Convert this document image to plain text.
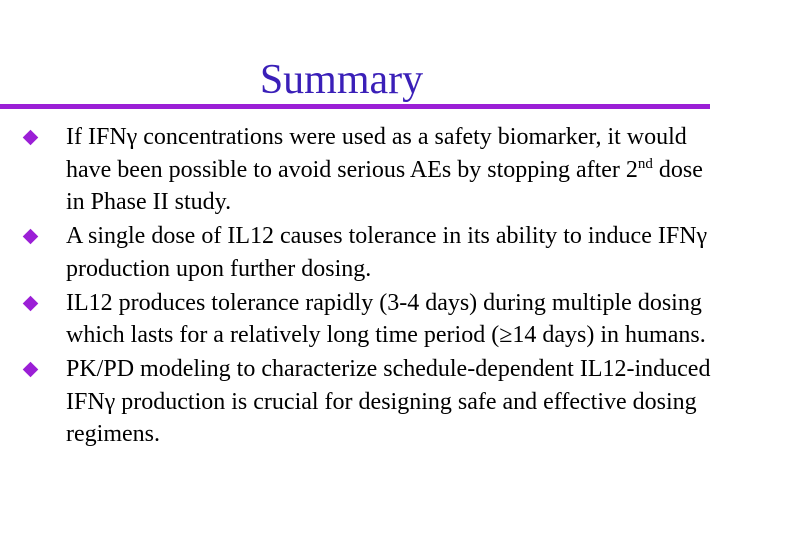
Summary
If IFNγ concentrations were used as a safety biomarker, it would have been possible to avoid serious AEs by stopping after 2nd dose in Phase II study.
A single dose of IL12 causes tolerance in its ability to induce IFNγ production upon further dosing.
IL12 produces tolerance rapidly (3-4 days) during multiple dosing which lasts for a relatively long time period (≥14 days) in humans.
PK/PD modeling to characterize schedule-dependent IL12-induced IFNγ production is crucial for designing safe and effective dosing regimens.
